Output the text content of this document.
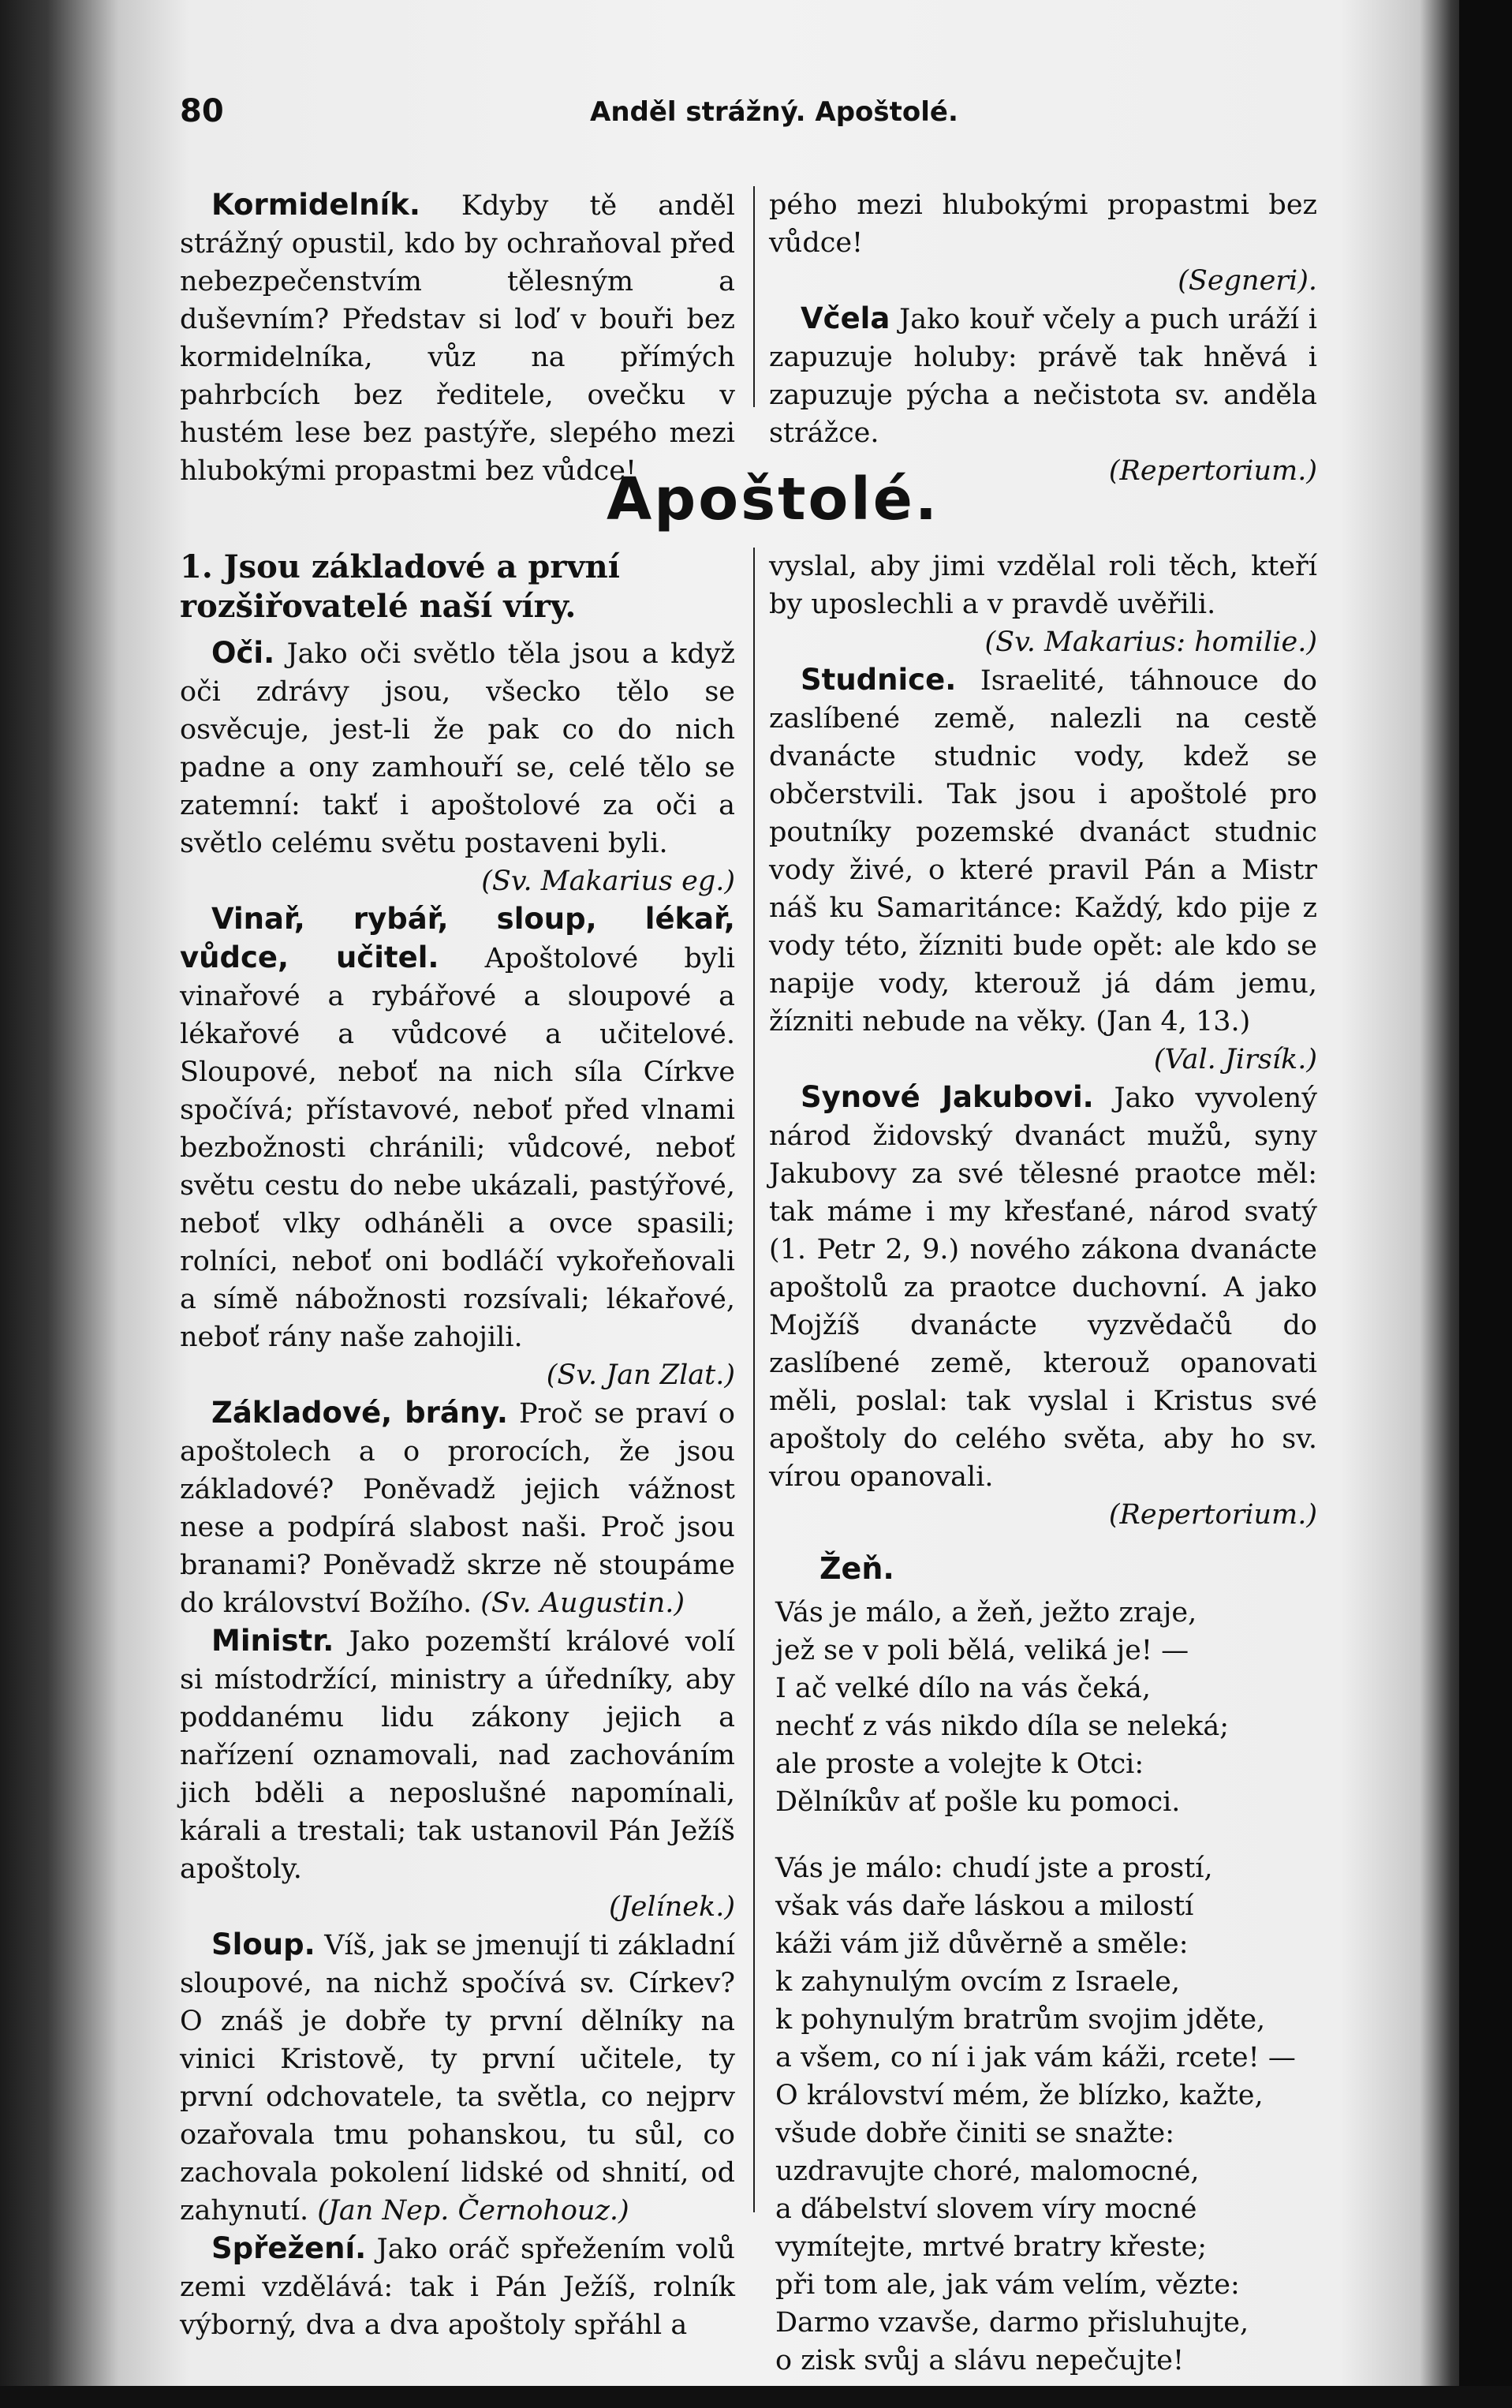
80	Anděl strážný. Apoštolé.

Kormidelník. Kdyby tě anděl strážný opustil, kdo by ochraňoval před nebezpečenstvím tělesným a duševním? Představ si loď v bouři bez kormidelníka, vůz na přímých pahrbcích bez ředitele, ovečku v hustém lese bez pastýře, slepého mezi hlubokými propastmi bez vůdce!

pého mezi hlubokými propastmi bez vůdce!

(Segneri).

Včela Jako kouř včely a puch uráží i zapuzuje holuby: právě tak hněvá i zapuzuje pýcha a nečistota sv. anděla strážce.

(Repertorium.)

Apoštolé.
1. Jsou základové a první rozšiřovatelé naší víry.

Oči. Jako oči světlo těla jsou a když oči zdrávy jsou, všecko tělo se osvěcuje, jest-li že pak co do nich padne a ony zamhouří se, celé tělo se zatemní: takť i apoštolové za oči a světlo celému světu postaveni byli.

(Sv. Makarius eg.)

Vinař, rybář, sloup, lékař, vůdce, učitel. Apoštolové byli vinařové a rybářové a sloupové a lékařové a vůdcové a učitelové. Sloupové, neboť na nich síla Církve spočívá; přístavové, neboť před vlnami bezbožnosti chránili; vůdcové, neboť světu cestu do nebe ukázali, pastýřové, neboť vlky odháněli a ovce spasili; rolníci, neboť oni bodláčí vykořeňovali a símě nábožnosti rozsívali; lékařové, neboť rány naše zahojili.

(Sv. Jan Zlat.)

Základové, brány. Proč se praví o apoštolech a o prorocích, že jsou základové? Poněvadž jejich vážnost nese a podpírá slabost naši. Proč jsou branami? Poněvadž skrze ně stoupáme do království Božího. (Sv. Augustin.)

Ministr. Jako pozemští králové volí si místodržící, ministry a úředníky, aby poddanému lidu zákony jejich a nařízení oznamovali, nad zachováním jich bděli a neposlušné napomínali, kárali a trestali; tak ustanovil Pán Ježíš apoštoly.

(Jelínek.)

Sloup. Víš, jak se jmenují ti základní sloupové, na nichž spočívá sv. Církev? O znáš je dobře ty první dělníky na vinici Kristově, ty první učitele, ty první odchovatele, ta světla, co nejprv ozařovala tmu pohanskou, tu sůl, co zachovala pokolení lidské od shnití, od zahynutí. (Jan Nep. Černohouz.)

Spřežení. Jako oráč spřežením volů zemi vzdělává: tak i Pán Ježíš, rolník výborný, dva a dva apoštoly spřáhl a

vyslal, aby jimi vzdělal roli těch, kteří by uposlechli a v pravdě uvěřili.

(Sv. Makarius: homilie.)

Studnice. Israelité, táhnouce do zaslíbené země, nalezli na cestě dvanácte studnic vody, kdež se občerstvili. Tak jsou i apoštolé pro poutníky pozemské dvanáct studnic vody živé, o které pravil Pán a Mistr náš ku Samaritánce: Každý, kdo pije z vody této, žízniti bude opět: ale kdo se napije vody, kterouž já dám jemu, žízniti nebude na věky. (Jan 4, 13.)

(Val. Jirsík.)

Synové Jakubovi. Jako vyvolený národ židovský dvanáct mužů, syny Jakubovy za své tělesné praotce měl: tak máme i my křesťané, národ svatý (1. Petr 2, 9.) nového zákona dvanácte apoštolů za praotce duchovní. A jako Mojžíš dvanácte vyzvědačů do zaslíbené země, kterouž opanovati měli, poslal: tak vyslal i Kristus své apoštoly do celého světa, aby ho sv. vírou opanovali.

(Repertorium.)

Žeň.
Vás je málo, a žeň, ježto zraje,
jež se v poli bělá, veliká je! —
I ač velké dílo na vás čeká,
nechť z vás nikdo díla se neleká;
ale proste a volejte k Otci:
Dělníkův ať pošle ku pomoci.
Vás je málo: chudí jste a prostí,
však vás daře láskou a milostí
káži vám již důvěrně a směle:
k zahynulým ovcím z Israele,
k pohynulým bratrům svojim jděte,
a všem, co ní i jak vám káži, rcete! —
O království mém, že blízko, kažte,
všude dobře činiti se snažte:
uzdravujte choré, malomocné,
a ďábelství slovem víry mocné
vymítejte, mrtvé bratry křeste;
při tom ale, jak vám velím, vězte:
Darmo vzavše, darmo přisluhujte,
o zisk svůj a slávu nepečujte!
